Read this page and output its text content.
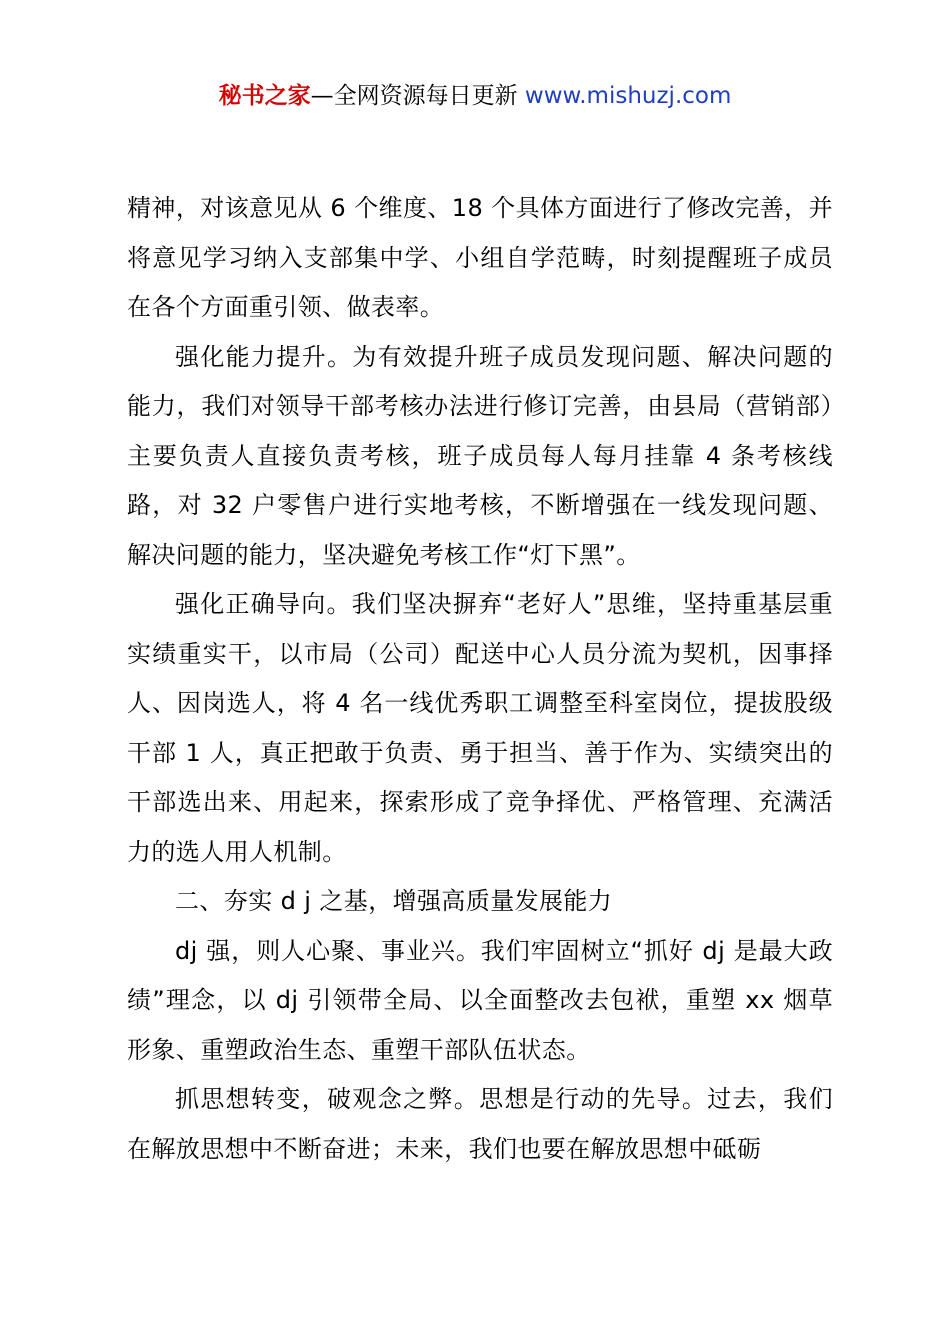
秘书之家—全网资源每日更新 www.mishuzj.com

精神，对该意见从 6 个维度、18 个具体方面进行了修改完善，并将意见学习纳入支部集中学、小组自学范畴，时刻提醒班子成员在各个方面重引领、做表率。

强化能力提升。为有效提升班子成员发现问题、解决问题的能力，我们对领导干部考核办法进行修订完善，由县局（营销部）主要负责人直接负责考核，班子成员每人每月挂靠 4 条考核线路，对 32 户零售户进行实地考核，不断增强在一线发现问题、解决问题的能力，坚决避免考核工作“灯下黑”。

强化正确导向。我们坚决摒弃“老好人”思维，坚持重基层重实绩重实干，以市局（公司）配送中心人员分流为契机，因事择人、因岗选人，将 4 名一线优秀职工调整至科室岗位，提拔股级干部 1 人，真正把敢于负责、勇于担当、善于作为、实绩突出的干部选出来、用起来，探索形成了竞争择优、严格管理、充满活力的选人用人机制。

二、夯实 d j 之基，增强高质量发展能力

dj 强，则人心聚、事业兴。我们牢固树立“抓好 dj 是最大政绩”理念，以 dj 引领带全局、以全面整改去包袱，重塑 xx 烟草形象、重塑政治生态、重塑干部队伍状态。

抓思想转变，破观念之弊。思想是行动的先导。过去，我们在解放思想中不断奋进；未来，我们也要在解放思想中砥砺
